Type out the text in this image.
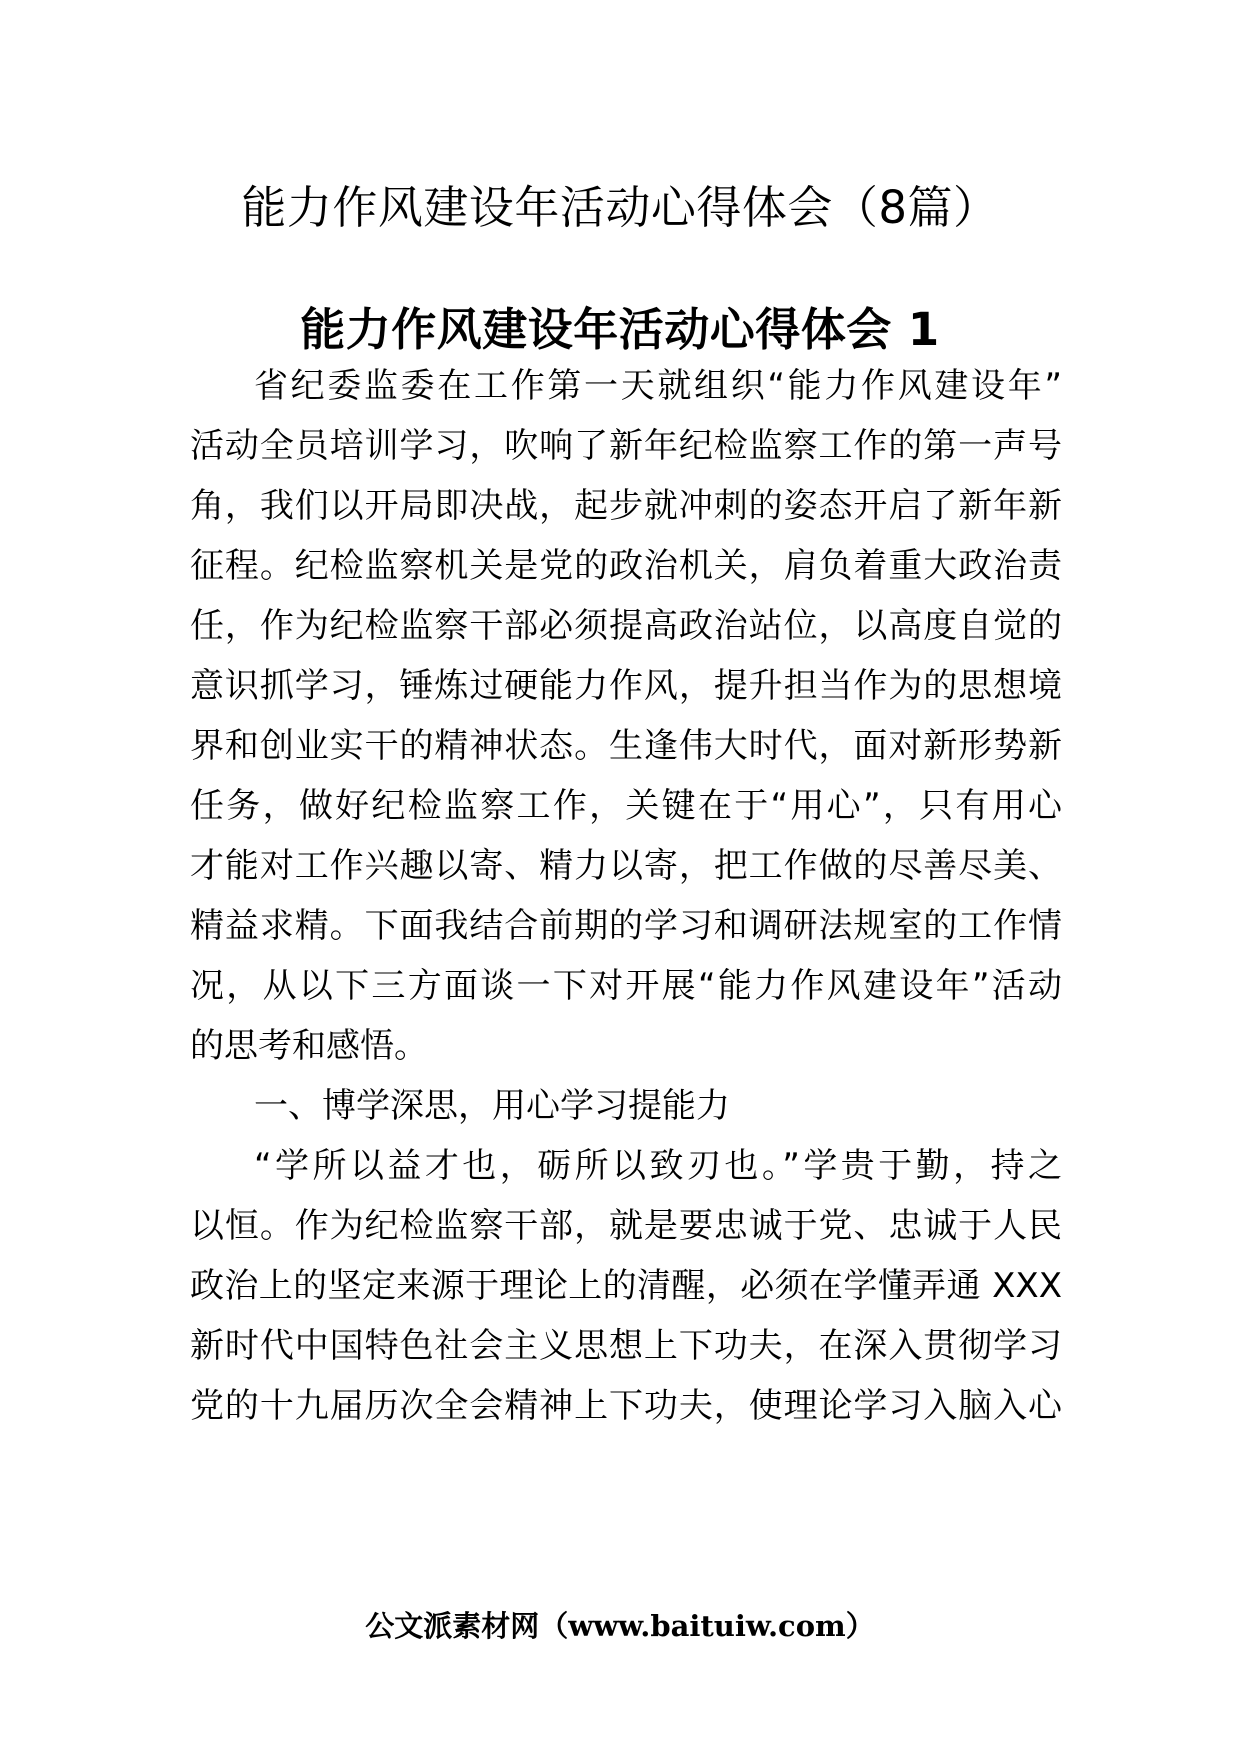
能力作风建设年活动心得体会（8篇）
能力作风建设年活动心得体会 1
省纪委监委在工作第一天就组织“能力作风建设年”
活动全员培训学习，吹响了新年纪检监察工作的第一声号
角，我们以开局即决战，起步就冲刺的姿态开启了新年新
征程。纪检监察机关是党的政治机关，肩负着重大政治责
任，作为纪检监察干部必须提高政治站位，以高度自觉的
意识抓学习，锤炼过硬能力作风，提升担当作为的思想境
界和创业实干的精神状态。生逢伟大时代，面对新形势新
任务，做好纪检监察工作，关键在于“用心”，只有用心
才能对工作兴趣以寄、精力以寄，把工作做的尽善尽美、
精益求精。下面我结合前期的学习和调研法规室的工作情
况，从以下三方面谈一下对开展“能力作风建设年”活动
的思考和感悟。
一、博学深思，用心学习提能力
“学所以益才也，砺所以致刃也。”学贵于勤，持之
以恒。作为纪检监察干部，就是要忠诚于党、忠诚于人民
政治上的坚定来源于理论上的清醒，必须在学懂弄通 XXX
新时代中国特色社会主义思想上下功夫，在深入贯彻学习
党的十九届历次全会精神上下功夫，使理论学习入脑入心
公文派素材网（www.baituiw.com）
